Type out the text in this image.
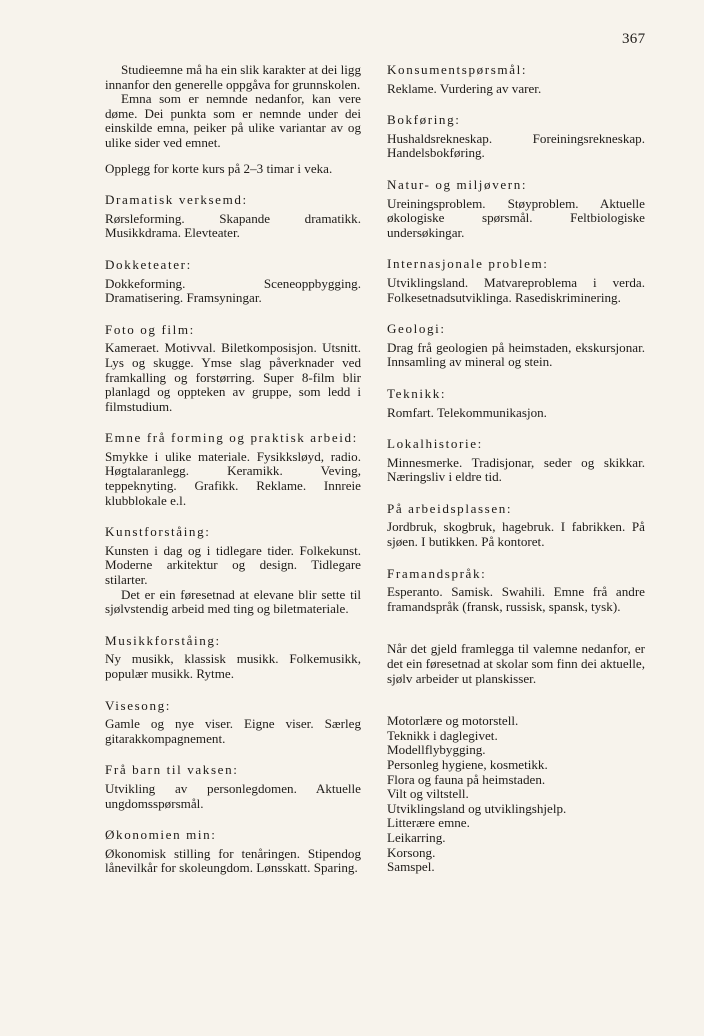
367

Studieemne må ha ein slik karakter at dei ligg innanfor den generelle oppgåva for grunnskolen.

Emna som er nemnde nedanfor, kan vere døme. Dei punkta som er nemnde under dei einskilde emna, peiker på ulike variantar av og ulike sider ved emnet.

Opplegg for korte kurs på 2–3 timar i veka.

Dramatisk verksemd:

Rørsleforming. Skapande dramatikk. Musikkdrama. Elevteater.

Dokketeater:

Dokkeforming. Sceneoppbygging. Dramatisering. Framsyningar.

Foto og film:

Kameraet. Motivval. Biletkomposisjon. Utsnitt. Lys og skugge. Ymse slag påverknader ved framkalling og forstørring. Super 8-film blir planlagd og oppteken av gruppe, som ledd i filmstudium.

Emne frå forming og praktisk arbeid:

Smykke i ulike materiale. Fysikksløyd, radio. Høgtalaranlegg. Keramikk. Veving, teppeknyting. Grafikk. Reklame. Innreie klubblokale e.l.

Kunstforståing:

Kunsten i dag og i tidlegare tider. Folkekunst. Moderne arkitektur og design. Tidlegare stilarter.

Det er ein føresetnad at elevane blir sette til sjølvstendig arbeid med ting og biletmateriale.

Musikkforståing:

Ny musikk, klassisk musikk. Folkemusikk, populær musikk. Rytme.

Visesong:

Gamle og nye viser. Eigne viser. Særleg gitarakkompagnement.

Frå barn til vaksen:

Utvikling av personlegdomen. Aktuelle ungdomsspørsmål.

Økonomien min:

Økonomisk stilling for tenåringen. Stipendog lånevilkår for skoleungdom. Lønsskatt. Sparing.

Konsumentspørsmål:

Reklame. Vurdering av varer.

Bokføring:

Hushaldsrekneskap. Foreiningsrekneskap. Handelsbokføring.

Natur- og miljøvern:

Ureiningsproblem. Støyproblem. Aktuelle økologiske spørsmål. Feltbiologiske undersøkingar.

Internasjonale problem:

Utviklingsland. Matvareproblema i verda. Folkesetnadsutviklinga. Rasediskriminering.

Geologi:

Drag frå geologien på heimstaden, ekskursjonar. Innsamling av mineral og stein.

Teknikk:

Romfart. Telekommunikasjon.

Lokalhistorie:

Minnesmerke. Tradisjonar, seder og skikkar. Næringsliv i eldre tid.

På arbeidsplassen:

Jordbruk, skogbruk, hagebruk. I fabrikken. På sjøen. I butikken. På kontoret.

Framandspråk:

Esperanto. Samisk. Swahili. Emne frå andre framandspråk (fransk, russisk, spansk, tysk).

Når det gjeld framlegga til valemne nedanfor, er det ein føresetnad at skolar som finn dei aktuelle, sjølv arbeider ut planskisser.

Motorlære og motorstell.

Teknikk i daglegivet.

Modellflybygging.

Personleg hygiene, kosmetikk.

Flora og fauna på heimstaden.

Vilt og viltstell.

Utviklingsland og utviklingshjelp.

Litterære emne.

Leikarring.

Korsong.

Samspel.
